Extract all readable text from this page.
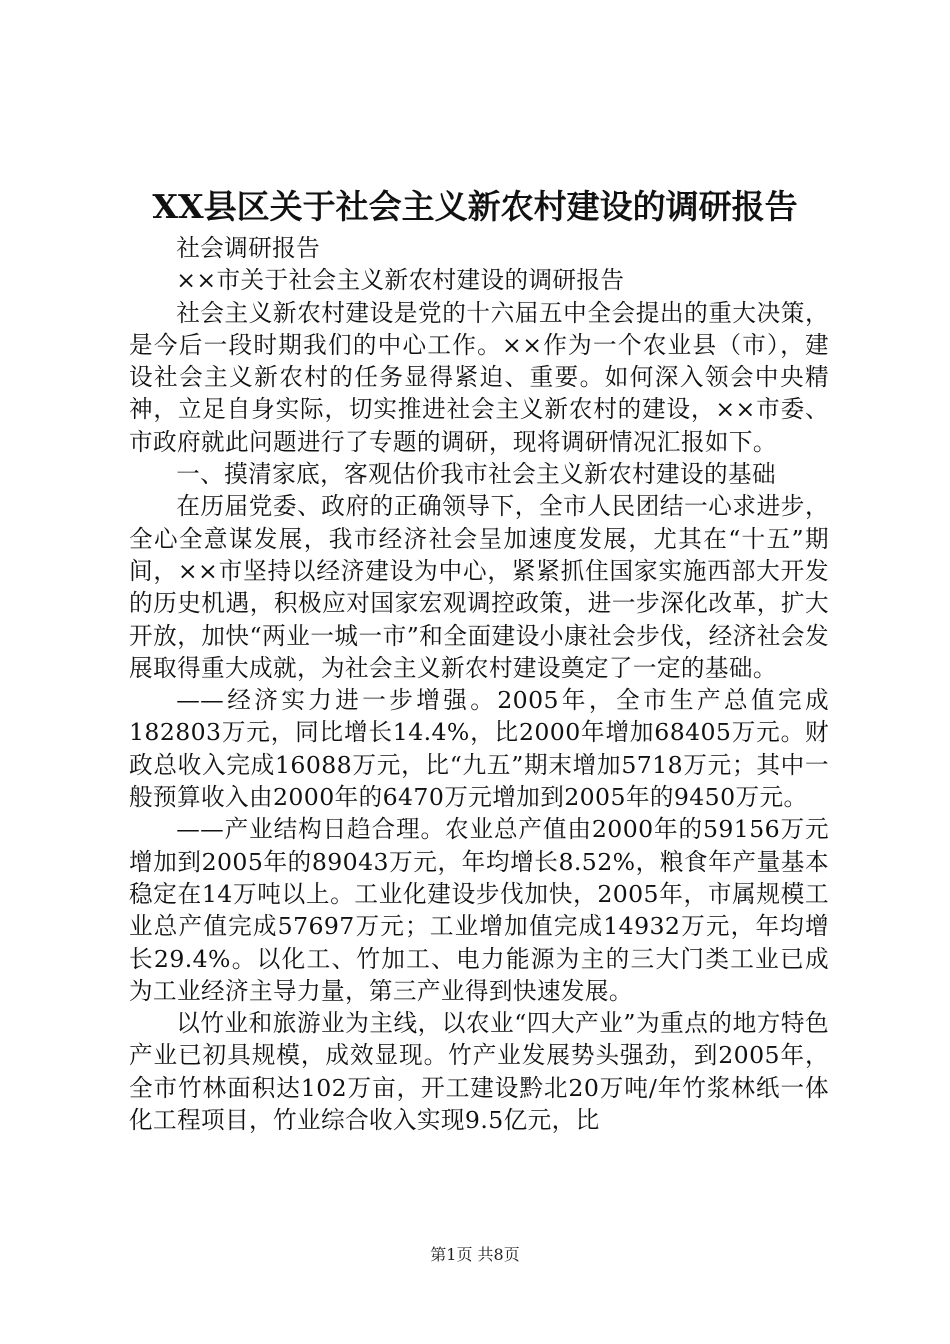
XX县区关于社会主义新农村建设的调研报告

社会调研报告

××市关于社会主义新农村建设的调研报告

社会主义新农村建设是党的十六届五中全会提出的重大决策，是今后一段时期我们的中心工作。××作为一个农业县（市），建设社会主义新农村的任务显得紧迫、重要。如何深入领会中央精神，立足自身实际，切实推进社会主义新农村的建设，××市委、市政府就此问题进行了专题的调研，现将调研情况汇报如下。

一、摸清家底，客观估价我市社会主义新农村建设的基础

在历届党委、政府的正确领导下，全市人民团结一心求进步，全心全意谋发展，我市经济社会呈加速度发展，尤其在“十五”期间，××市坚持以经济建设为中心，紧紧抓住国家实施西部大开发的历史机遇，积极应对国家宏观调控政策，进一步深化改革，扩大开放，加快“两业一城一市”和全面建设小康社会步伐，经济社会发展取得重大成就，为社会主义新农村建设奠定了一定的基础。

——经济实力进一步增强。2005年，全市生产总值完成182803万元，同比增长14.4%，比2000年增加68405万元。财政总收入完成16088万元，比“九五”期末增加5718万元；其中一般预算收入由2000年的6470万元增加到2005年的9450万元。

——产业结构日趋合理。农业总产值由2000年的59156万元增加到2005年的89043万元，年均增长8.52%，粮食年产量基本稳定在14万吨以上。工业化建设步伐加快，2005年，市属规模工业总产值完成57697万元；工业增加值完成14932万元，年均增长29.4%。以化工、竹加工、电力能源为主的三大门类工业已成为工业经济主导力量，第三产业得到快速发展。

以竹业和旅游业为主线，以农业“四大产业”为重点的地方特色产业已初具规模，成效显现。竹产业发展势头强劲，到2005年，全市竹林面积达102万亩，开工建设黔北20万吨/年竹浆林纸一体化工程项目，竹业综合收入实现9.5亿元，比

第1页 共8页
